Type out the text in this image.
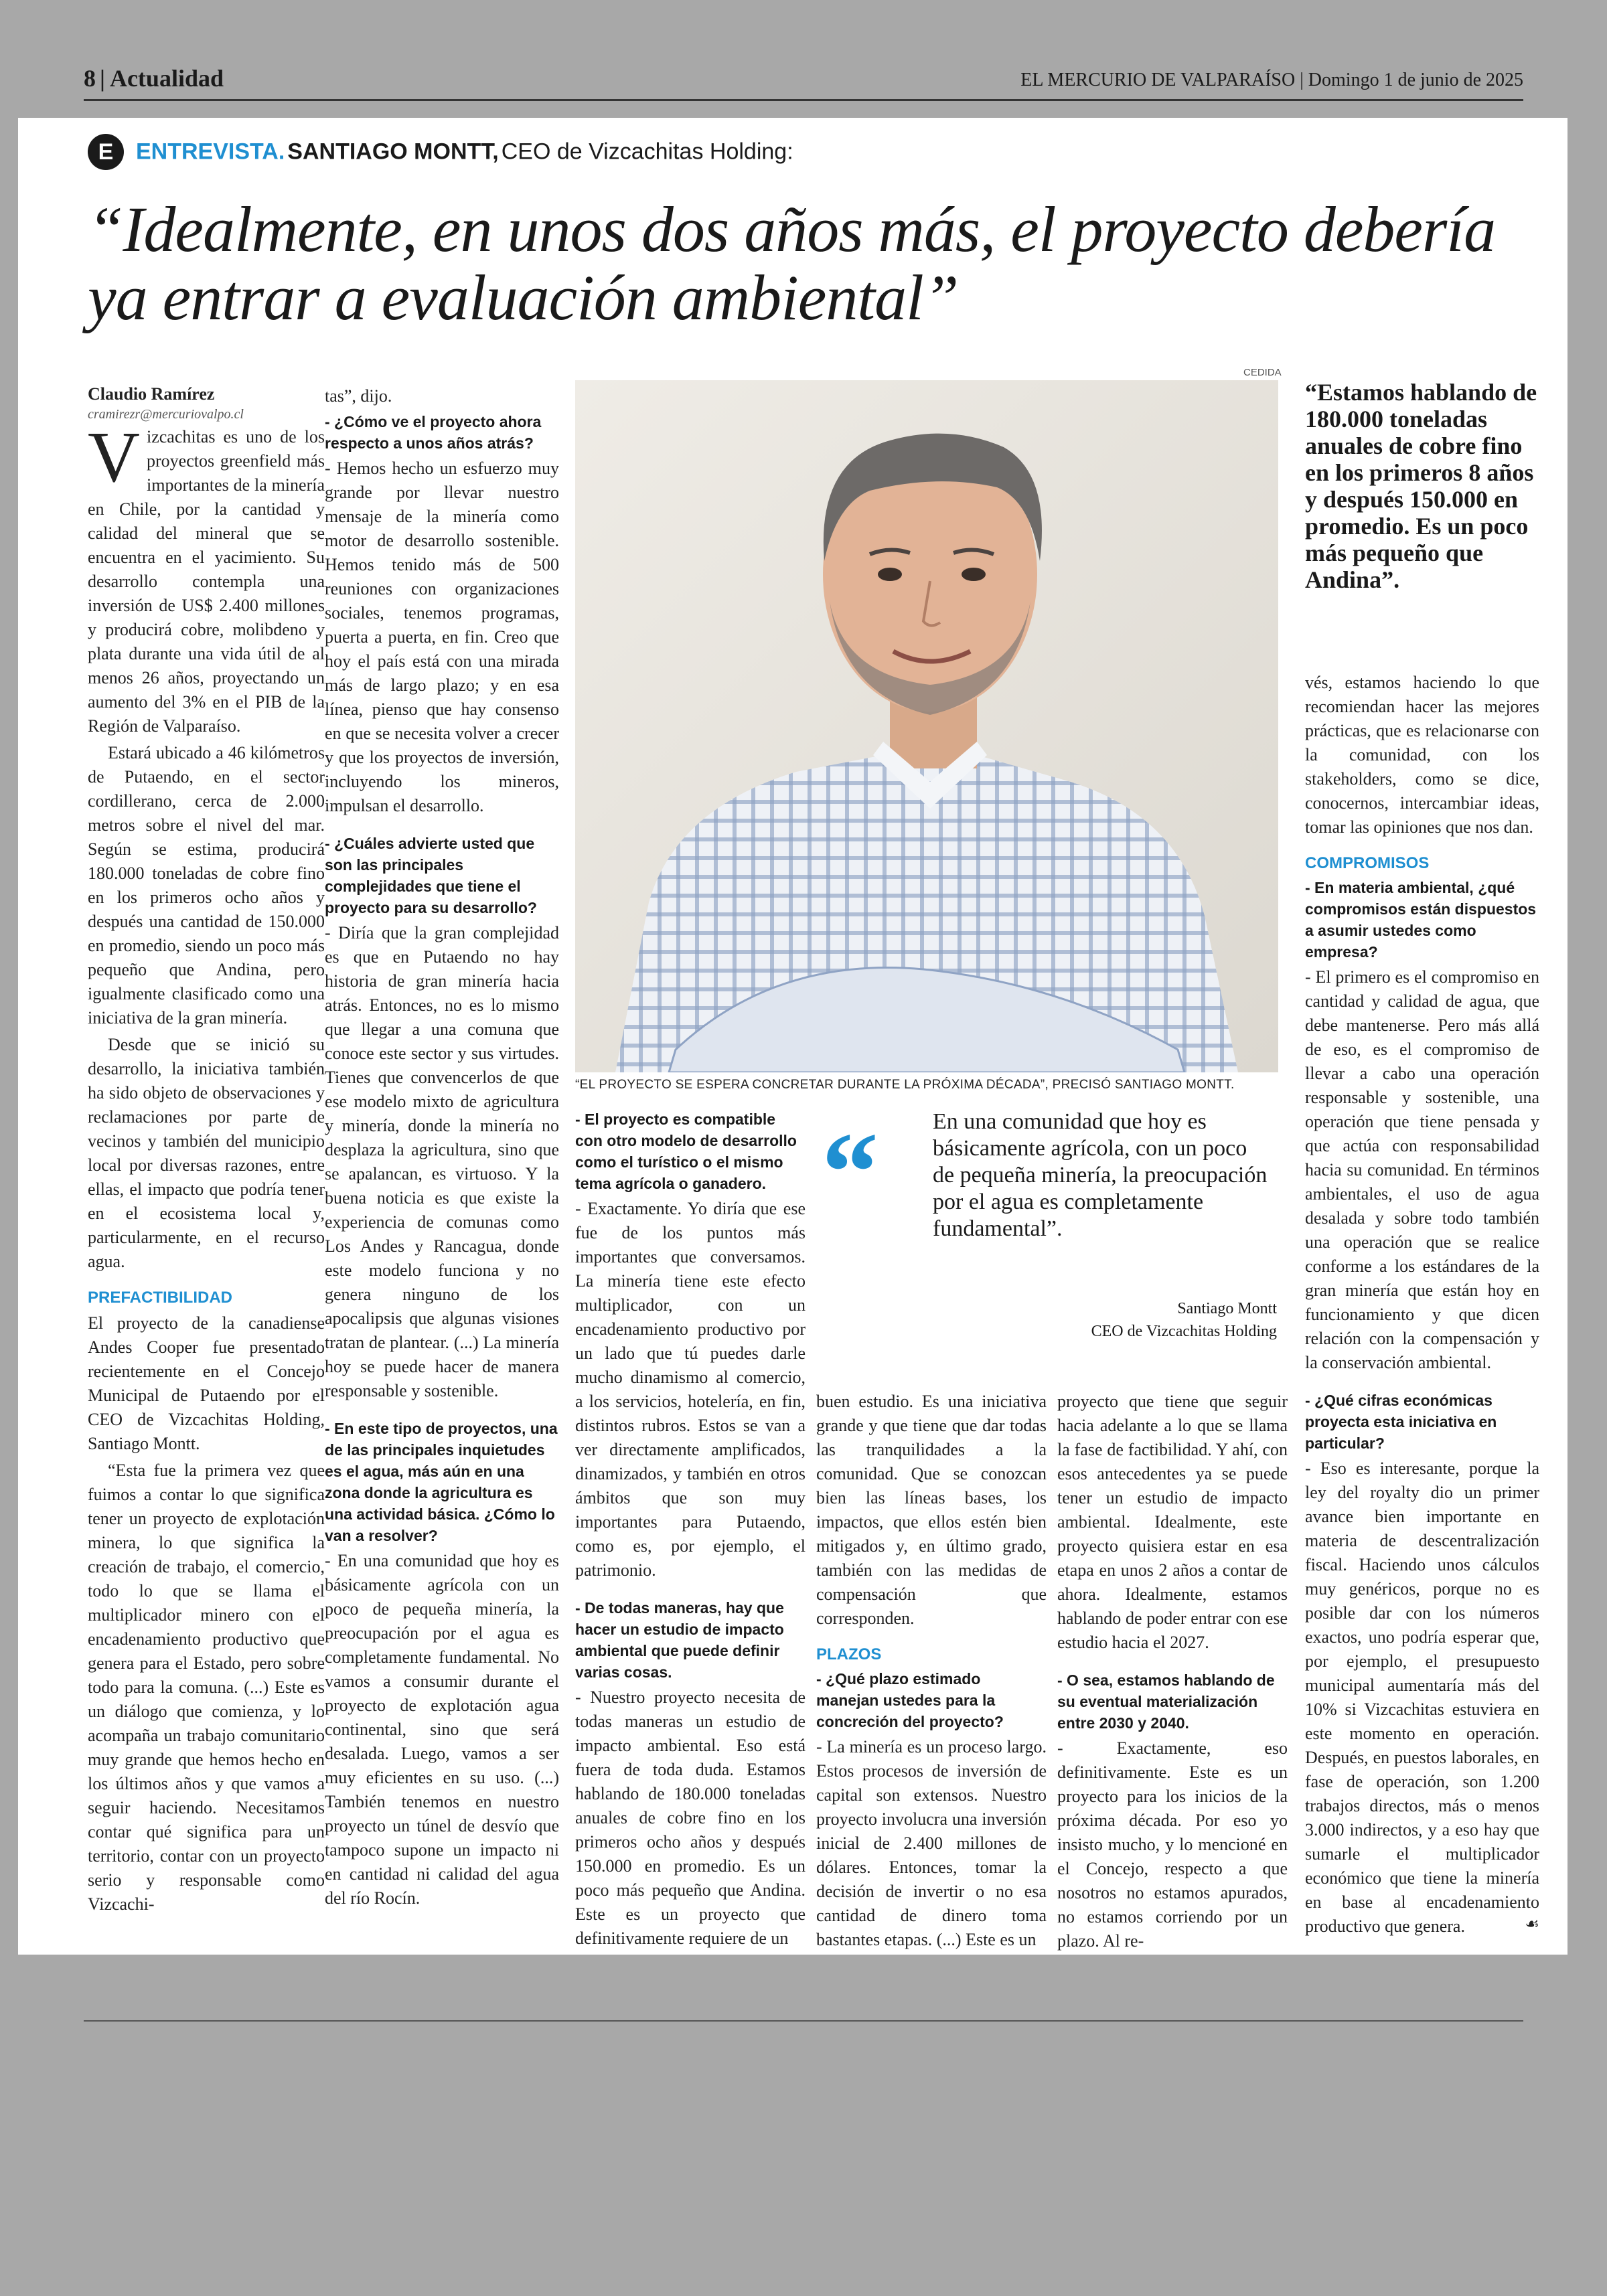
8 | Actualidad	EL MERCURIO DE VALPARAÍSO | Domingo 1 de junio de 2025
E ENTREVISTA. SANTIAGO MONTT, CEO de Vizcachitas Holding:
“Idealmente, en unos dos años más, el proyecto debería ya entrar a evaluación ambiental”

Claudio Ramírez

cramirezr@mercuriovalpo.cl

Vizcachitas es uno de los proyectos greenfield más importantes de la minería en Chile, por la cantidad y calidad del mineral que se encuentra en el yacimiento. Su desarrollo contempla una inversión de US$ 2.400 millones y producirá cobre, molibdeno y plata durante una vida útil de al menos 26 años, proyectando un aumento del 3% en el PIB de la Región de Valparaíso.

Estará ubicado a 46 kilómetros de Putaendo, en el sector cordillerano, cerca de 2.000 metros sobre el nivel del mar. Según se estima, producirá 180.000 toneladas de cobre fino en los primeros ocho años y después una cantidad de 150.000 en promedio, siendo un poco más pequeño que Andina, pero igualmente clasificado como una iniciativa de la gran minería.

Desde que se inició su desarrollo, la iniciativa también ha sido objeto de observaciones y reclamaciones por parte de vecinos y también del municipio local por diversas razones, entre ellas, el impacto que podría tener en el ecosistema local y, particularmente, en el recurso agua.

PREFACTIBILIDAD

El proyecto de la canadiense Andes Cooper fue presentado recientemente en el Concejo Municipal de Putaendo por el CEO de Vizcachitas Holding, Santiago Montt.

“Esta fue la primera vez que fuimos a contar lo que significa tener un proyecto de explotación minera, lo que significa la creación de trabajo, el comercio, todo lo que se llama el multiplicador minero con el encadenamiento productivo que genera para el Estado, pero sobre todo para la comuna. (...) Este es un diálogo que comienza, y lo acompaña un trabajo comunitario muy grande que hemos hecho en los últimos años y que vamos a seguir haciendo. Necesitamos contar qué significa para un territorio, contar con un proyecto serio y responsable como Vizcachi-

tas”, dijo.

- ¿Cómo ve el proyecto ahora respecto a unos años atrás?

- Hemos hecho un esfuerzo muy grande por llevar nuestro mensaje de la minería como motor de desarrollo sostenible. Hemos tenido más de 500 reuniones con organizaciones sociales, tenemos programas, puerta a puerta, en fin. Creo que hoy el país está con una mirada más de largo plazo; y en esa línea, pienso que hay consenso en que se necesita volver a crecer y que los proyectos de inversión, incluyendo los mineros, impulsan el desarrollo.

- ¿Cuáles advierte usted que son las principales complejidades que tiene el proyecto para su desarrollo?

- Diría que la gran complejidad es que en Putaendo no hay historia de gran minería hacia atrás. Entonces, no es lo mismo que llegar a una comuna que conoce este sector y sus virtudes. Tienes que convencerlos de que ese modelo mixto de agricultura y minería, donde la minería no desplaza la agricultura, sino que se apalancan, es virtuoso. Y la buena noticia es que existe la experiencia de comunas como Los Andes y Rancagua, donde este modelo funciona y no genera ninguno de los apocalipsis que algunas visiones tratan de plantear. (...) La minería hoy se puede hacer de manera responsable y sostenible.

- En este tipo de proyectos, una de las principales inquietudes es el agua, más aún en una zona donde la agricultura es una actividad básica. ¿Cómo lo van a resolver?

- En una comunidad que hoy es básicamente agrícola con un poco de pequeña minería, la preocupación por el agua es completamente fundamental. No vamos a consumir durante el proyecto de explotación agua continental, sino que será desalada. Luego, vamos a ser muy eficientes en su uso. (...) También tenemos en nuestro proyecto un túnel de desvío que tampoco supone un impacto ni en cantidad ni calidad del agua del río Rocín.

CEDIDA
“EL PROYECTO SE ESPERA CONCRETAR DURANTE LA PRÓXIMA DÉCADA”, PRECISÓ SANTIAGO MONTT.
“Estamos hablando de 180.000 toneladas anuales de cobre fino en los primeros 8 años y después 150.000 en promedio. Es un poco más pequeño que Andina”.
“ En una comunidad que hoy es básicamente agrícola, con un poco de pequeña minería, la preocupación por el agua es completamente fundamental”.
Santiago Montt
CEO de Vizcachitas Holding
- El proyecto es compatible con otro modelo de desarrollo como el turístico o el mismo tema agrícola o ganadero.

- Exactamente. Yo diría que ese fue de los puntos más importantes que conversamos. La minería tiene este efecto multiplicador, con un encadenamiento productivo por un lado que tú puedes darle mucho dinamismo al comercio, a los servicios, hotelería, en fin, distintos rubros. Estos se van a ver directamente amplificados, dinamizados, y también en otros ámbitos que son muy importantes para Putaendo, como es, por ejemplo, el patrimonio.

- De todas maneras, hay que hacer un estudio de impacto ambiental que puede definir varias cosas.

- Nuestro proyecto necesita de todas maneras un estudio de impacto ambiental. Eso está fuera de toda duda. Estamos hablando de 180.000 toneladas anuales de cobre fino en los primeros ocho años y después 150.000 en promedio. Es un poco más pequeño que Andina. Este es un proyecto que definitivamente requiere de un

buen estudio. Es una iniciativa grande y que tiene que dar todas las tranquilidades a la comunidad. Que se conozcan bien las líneas bases, los impactos, que ellos estén bien mitigados y, en último grado, también con las medidas de compensación que corresponden.

PLAZOS
- ¿Qué plazo estimado manejan ustedes para la concreción del proyecto?

- La minería es un proceso largo. Estos procesos de inversión de capital son extensos. Nuestro proyecto involucra una inversión inicial de 2.400 millones de dólares. Entonces, tomar la decisión de invertir o no esa cantidad de dinero toma bastantes etapas. (...) Este es un

proyecto que tiene que seguir hacia adelante a lo que se llama la fase de factibilidad. Y ahí, con esos antecedentes ya se puede tener un estudio de impacto ambiental. Idealmente, este proyecto quisiera estar en esa etapa en unos 2 años a contar de ahora. Idealmente, estamos hablando de poder entrar con ese estudio hacia el 2027.

- O sea, estamos hablando de su eventual materialización entre 2030 y 2040.

- Exactamente, eso definitivamente. Este es un proyecto para los inicios de la próxima década. Por eso yo insisto mucho, y lo mencioné en el Concejo, respecto a que nosotros no estamos apurados, no estamos corriendo por un plazo. Al re-

vés, estamos haciendo lo que recomiendan hacer las mejores prácticas, que es relacionarse con la comunidad, con los stakeholders, como se dice, conocernos, intercambiar ideas, tomar las opiniones que nos dan.

COMPROMISOS
- En materia ambiental, ¿qué compromisos están dispuestos a asumir ustedes como empresa?

- El primero es el compromiso en cantidad y calidad de agua, que debe mantenerse. Pero más allá de eso, es el compromiso de llevar a cabo una operación responsable y sostenible, una operación que tiene pensada y que actúa con responsabilidad hacia su comunidad. En términos ambientales, el uso de agua desalada y sobre todo también una operación que se realice conforme a los estándares de la gran minería que están hoy en funcionamiento y que dicen relación con la compensación y la conservación ambiental.

- ¿Qué cifras económicas proyecta esta iniciativa en particular?

- Eso es interesante, porque la ley del royalty dio un primer avance bien importante en materia de descentralización fiscal. Haciendo unos cálculos muy genéricos, porque no es posible dar con los números exactos, uno podría esperar que, por ejemplo, el presupuesto municipal aumentaría más del 10% si Vizcachitas estuviera en este momento en operación. Después, en puestos laborales, en fase de operación, son 1.200 trabajos directos, más o menos 3.000 indirectos, y a eso hay que sumarle el multiplicador económico que tiene la minería en base al encadenamiento productivo que genera.	☙
